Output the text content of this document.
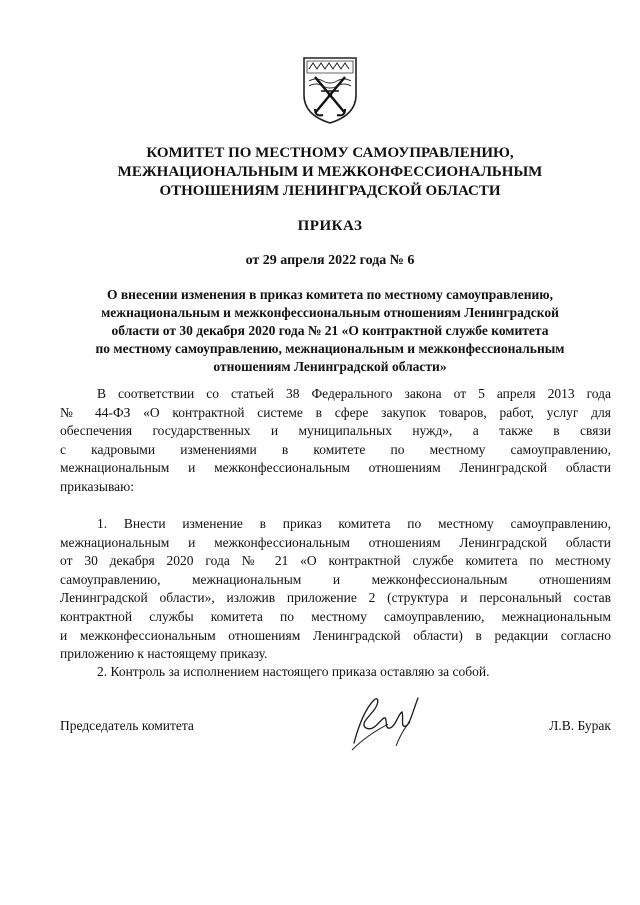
КОМИТЕТ ПО МЕСТНОМУ САМОУПРАВЛЕНИЮ,
МЕЖНАЦИОНАЛЬНЫМ И МЕЖКОНФЕССИОНАЛЬНЫМ
ОТНОШЕНИЯМ ЛЕНИНГРАДСКОЙ ОБЛАСТИ
ПРИКАЗ
от 29 апреля 2022 года № 6
О внесении изменения в приказ комитета по местному самоуправлению,
межнациональным и межконфессиональным отношениям Ленинградской
области от 30 декабря 2020 года № 21 «О контрактной службе комитета
по местному самоуправлению, межнациональным и межконфессиональным
отношениям Ленинградской области»
В соответствии со статьей 38 Федерального закона от 5 апреля 2013 года
№ 44-ФЗ «О контрактной системе в сфере закупок товаров, работ, услуг для
обеспечения государственных и муниципальных нужд», а также в связи
с кадровыми изменениями в комитете по местному самоуправлению,
межнациональным и межконфессиональным отношениям Ленинградской области
приказываю:
1. Внести изменение в приказ комитета по местному самоуправлению,
межнациональным и межконфессиональным отношениям Ленинградской области
от 30 декабря 2020 года № 21 «О контрактной службе комитета по местному
самоуправлению, межнациональным и межконфессиональным отношениям
Ленинградской области», изложив приложение 2 (структура и персональный состав
контрактной службы комитета по местному самоуправлению, межнациональным
и межконфессиональным отношениям Ленинградской области) в редакции согласно
приложению к настоящему приказу.
2. Контроль за исполнением настоящего приказа оставляю за собой.
Председатель комитета	Л.В. Бурак
